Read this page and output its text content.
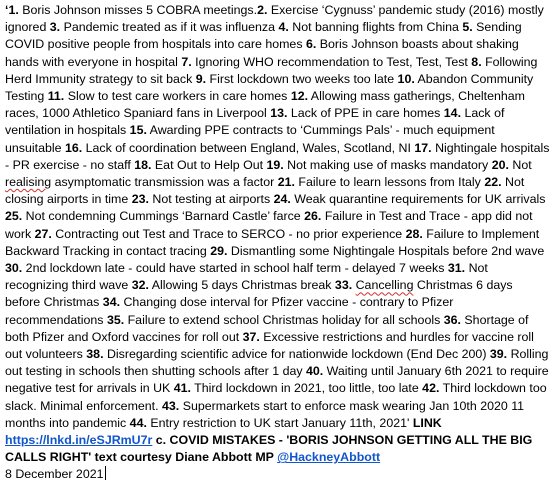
‘1. Boris Johnson misses 5 COBRA meetings.2. Exercise ‘Cygnuss’ pandemic study (2016) mostly ignored 3. Pandemic treated as if it was influenza 4. Not banning flights from China 5. Sending COVID positive people from hospitals into care homes 6. Boris Johnson boasts about shaking hands with everyone in hospital 7. Ignoring WHO recommendation to Test, Test, Test 8. Following Herd Immunity strategy to sit back 9. First lockdown two weeks too late 10. Abandon Community Testing 11. Slow to test care workers in care homes 12. Allowing mass gatherings, Cheltenham races, 1000 Athletico Spaniard fans in Liverpool 13. Lack of PPE in care homes 14. Lack of ventilation in hospitals 15. Awarding PPE contracts to ‘Cummings Pals’ - much equipment unsuitable 16. Lack of coordination between England, Wales, Scotland, NI 17. Nightingale hospitals - PR exercise - no staff 18. Eat Out to Help Out 19. Not making use of masks mandatory 20. Not realising asymptomatic transmission was a factor 21. Failure to learn lessons from Italy 22. Not closing airports in time 23. Not testing at airports 24. Weak quarantine requirements for UK arrivals 25. Not condemning Cummings ‘Barnard Castle’ farce 26. Failure in Test and Trace - app did not work 27. Contracting out Test and Trace to SERCO - no prior experience 28. Failure to Implement Backward Tracking in contact tracing 29. Dismantling some Nightingale Hospitals before 2nd wave 30. 2nd lockdown late - could have started in school half term - delayed 7 weeks 31. Not recognizing third wave 32. Allowing 5 days Christmas break 33. Cancelling Christmas 6 days before Christmas 34. Changing dose interval for Pfizer vaccine - contrary to Pfizer recommendations 35. Failure to extend school Christmas holiday for all schools 36. Shortage of both Pfizer and Oxford vaccines for roll out 37. Excessive restrictions and hurdles for vaccine roll out volunteers 38. Disregarding scientific advice for nationwide lockdown (End Dec 200) 39. Rolling out testing in schools then shutting schools after 1 day 40. Waiting until January 6th 2021 to require negative test for arrivals in UK 41. Third lockdown in 2021, too little, too late 42. Third lockdown too slack. Minimal enforcement. 43. Supermarkets start to enforce mask wearing Jan 10th 2020 11 months into pandemic 44. Entry restriction to UK start January 11th, 2021' LINK https://lnkd.in/eSJRmU7r c. COVID MISTAKES - 'BORIS JOHNSON GETTING ALL THE BIG CALLS RIGHT' text courtesy Diane Abbott MP @HackneyAbbott

8 December 2021
